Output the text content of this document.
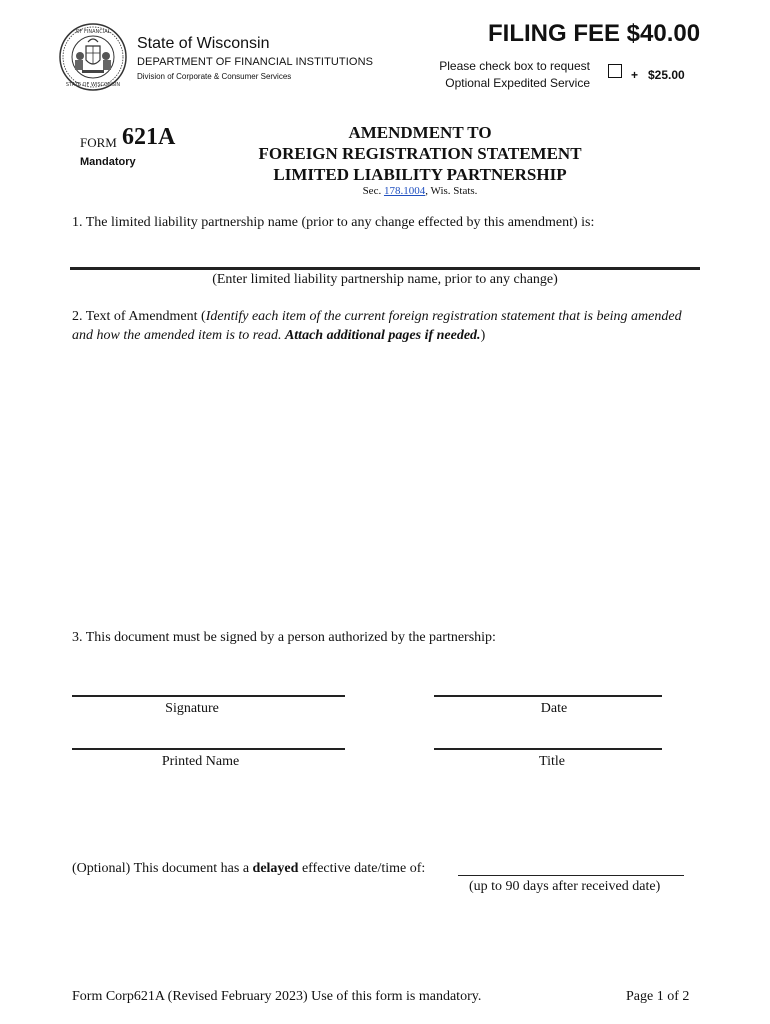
OF FINANCIAL
STATE OF WISCONSIN
State of Wisconsin
DEPARTMENT OF FINANCIAL INSTITUTIONS
Division of Corporate & Consumer Services
FILING FEE $40.00
Please check box to request
Optional Expedited Service
+   $25.00
FORM 621A
Mandatory
AMENDMENT TO
FOREIGN REGISTRATION STATEMENT
LIMITED LIABILITY PARTNERSHIP
Sec. 178.1004, Wis. Stats.
1. The limited liability partnership name (prior to any change effected by this amendment) is:
(Enter limited liability partnership name, prior to any change)
2. Text of Amendment (Identify each item of the current foreign registration statement that is being amended and how the amended item is to read. Attach additional pages if needed.)
3. This document must be signed by a person authorized by the partnership:
Signature	Date
Printed Name	Title
(Optional) This document has a delayed effective date/time of:
(up to 90 days after received date)
Form Corp621A (Revised February 2023) Use of this form is mandatory.	Page 1 of 2
